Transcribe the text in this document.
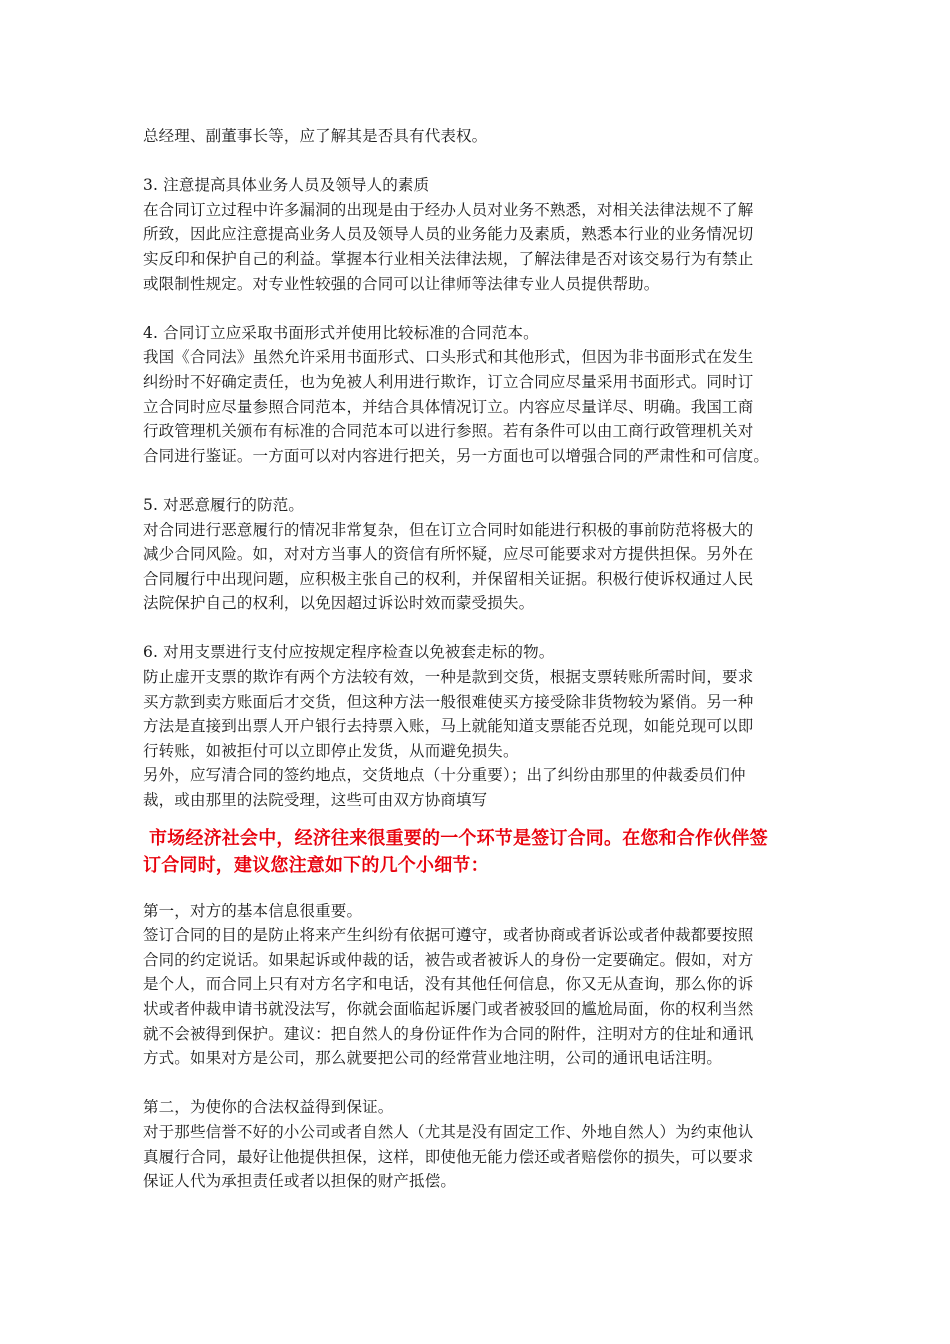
总经理、副董事长等，应了解其是否具有代表权。
3. 注意提高具体业务人员及领导人的素质
在合同订立过程中许多漏洞的出现是由于经办人员对业务不熟悉，对相关法律法规不了解
所致，因此应注意提高业务人员及领导人员的业务能力及素质，熟悉本行业的业务情况切
实反印和保护自己的利益。掌握本行业相关法律法规，了解法律是否对该交易行为有禁止
或限制性规定。对专业性较强的合同可以让律师等法律专业人员提供帮助。
4. 合同订立应采取书面形式并使用比较标准的合同范本。
我国《合同法》虽然允许采用书面形式、口头形式和其他形式，但因为非书面形式在发生
纠纷时不好确定责任，也为免被人利用进行欺诈，订立合同应尽量采用书面形式。同时订
立合同时应尽量参照合同范本，并结合具体情况订立。内容应尽量详尽、明确。我国工商
行政管理机关颁布有标准的合同范本可以进行参照。若有条件可以由工商行政管理机关对
合同进行鉴证。一方面可以对内容进行把关，另一方面也可以增强合同的严肃性和可信度。
5. 对恶意履行的防范。
对合同进行恶意履行的情况非常复杂，但在订立合同时如能进行积极的事前防范将极大的
减少合同风险。如，对对方当事人的资信有所怀疑，应尽可能要求对方提供担保。另外在
合同履行中出现问题，应积极主张自己的权利，并保留相关证据。积极行使诉权通过人民
法院保护自己的权利，以免因超过诉讼时效而蒙受损失。
6. 对用支票进行支付应按规定程序检查以免被套走标的物。
防止虚开支票的欺诈有两个方法较有效，一种是款到交货，根据支票转账所需时间，要求
买方款到卖方账面后才交货，但这种方法一般很难使买方接受除非货物较为紧俏。另一种
方法是直接到出票人开户银行去持票入账，马上就能知道支票能否兑现，如能兑现可以即
行转账，如被拒付可以立即停止发货，从而避免损失。
另外，应写清合同的签约地点，交货地点（十分重要）；出了纠纷由那里的仲裁委员们仲
裁，或由那里的法院受理，这些可由双方协商填写
市场经济社会中，经济往来很重要的一个环节是签订合同。在您和合作伙伴签
订合同时，建议您注意如下的几个小细节：
第一，对方的基本信息很重要。
签订合同的目的是防止将来产生纠纷有依据可遵守，或者协商或者诉讼或者仲裁都要按照
合同的约定说话。如果起诉或仲裁的话，被告或者被诉人的身份一定要确定。假如，对方
是个人，而合同上只有对方名字和电话，没有其他任何信息，你又无从查询，那么你的诉
状或者仲裁申请书就没法写，你就会面临起诉屡门或者被驳回的尴尬局面，你的权利当然
就不会被得到保护。建议：把自然人的身份证件作为合同的附件，注明对方的住址和通讯
方式。如果对方是公司，那么就要把公司的经常营业地注明，公司的通讯电话注明。
第二，为使你的合法权益得到保证。
对于那些信誉不好的小公司或者自然人（尤其是没有固定工作、外地自然人）为约束他认
真履行合同，最好让他提供担保，这样，即使他无能力偿还或者赔偿你的损失，可以要求
保证人代为承担责任或者以担保的财产抵偿。
